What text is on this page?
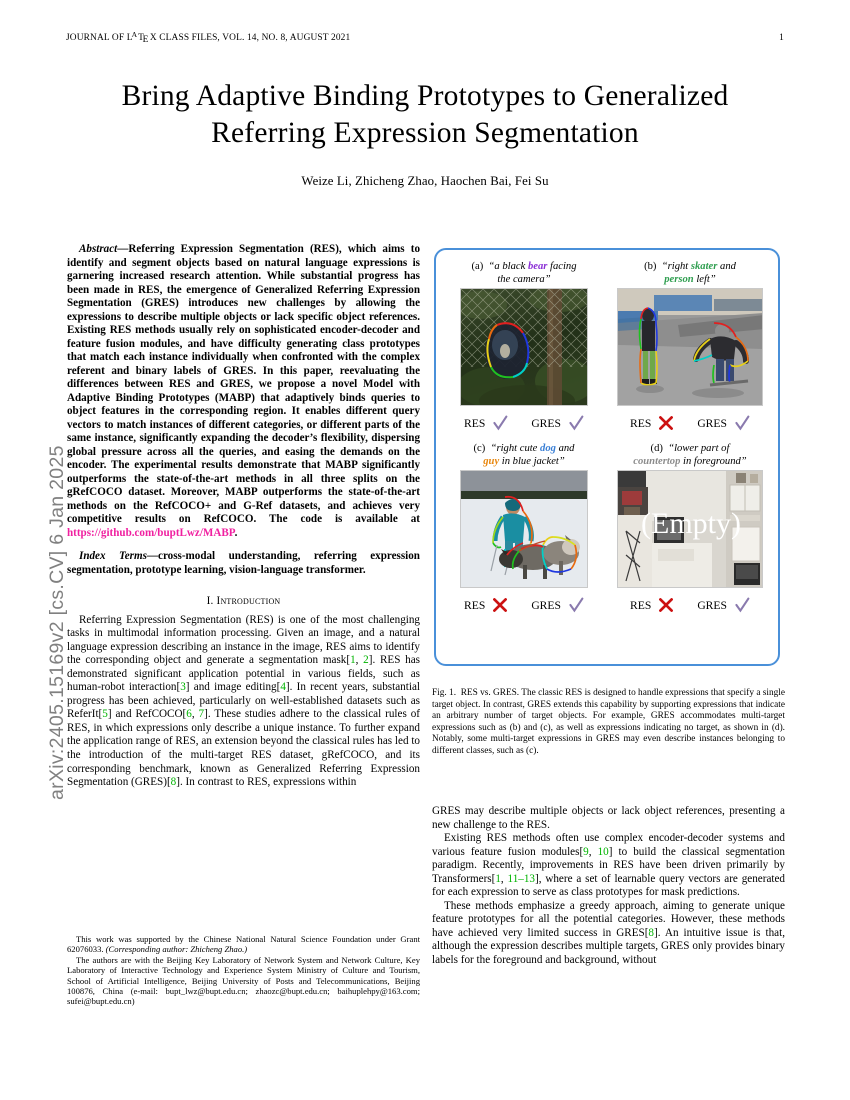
arXiv:2405.15169v2 [cs.CV] 6 Jan 2025
JOURNAL OF $L^ATEX$ CLASS FILES, VOL. 14, NO. 8, AUGUST 2021	1
Bring Adaptive Binding Prototypes to Generalized Referring Expression Segmentation
Weize Li, Zhicheng Zhao, Haochen Bai, Fei Su

Abstract—Referring Expression Segmentation (RES), which aims to identify and segment objects based on natural language expressions is garnering increased research attention. While substantial progress has been made in RES, the emergence of Generalized Referring Expression Segmentation (GRES) introduces new challenges by allowing the expressions to describe multiple objects or lack specific object references. Existing RES methods usually rely on sophisticated encoder-decoder and feature fusion modules, and have difficulty generating class prototypes that match each instance individually when confronted with the complex referent and binary labels of GRES. In this paper, reevaluating the differences between RES and GRES, we propose a novel Model with Adaptive Binding Prototypes (MABP) that adaptively binds queries to object features in the corresponding region. It enables different query vectors to match instances of different categories, or different parts of the same instance, significantly expanding the decoder’s flexibility, dispersing global pressure across all the queries, and easing the demands on the encoder. The experimental results demonstrate that MABP significantly outperforms the state-of-the-art methods in all three splits on the gRefCOCO dataset. Moreover, MABP outperforms the state-of-the-art methods on the RefCOCO+ and G-Ref datasets, and achieves very competitive results on RefCOCO. The code is available at https://github.com/buptLwz/MABP.

Index Terms—cross-modal understanding, referring expression segmentation, prototype learning, vision-language transformer.

I. Introduction

Referring Expression Segmentation (RES) is one of the most challenging tasks in multimodal information processing. Given an image, and a natural language expression describing an instance in the image, RES aims to identify the corresponding object and generate a segmentation mask[1, 2]. RES has demonstrated significant application potential in various fields, such as human-robot interaction[3] and image editing[4]. In recent years, substantial progress has been achieved, particularly on well-established datasets such as ReferIt[5] and RefCOCO[6, 7]. These studies adhere to the classical rules of RES, in which expressions only describe a unique instance. To further expand the application range of RES, an extension beyond the classical rules has led to the introduction of the multi-target RES dataset, gRefCOCO, and its corresponding benchmark, known as Generalized Referring Expression Segmentation (GRES)[8]. In contrast to RES, expressions within

This work was supported by the Chinese National Natural Science Foundation under Grant 62076033. (Corresponding author: Zhicheng Zhao.)

The authors are with the Beijing Key Laboratory of Network System and Network Culture, Key Laboratory of Interactive Technology and Experience System Ministry of Culture and Tourism, School of Artificial Intelligence, Beijing University of Posts and Telecommunications, Beijing 100876, China (e-mail: bupt_lwz@bupt.edu.cn; zhaozc@bupt.edu.cn; baihuplehpy@163.com; sufei@bupt.edu.cn)

(a) “a black bear facing
the camera”
RES	GRES
(b) “right skater and
person left”
RES	GRES
(c) “right cute dog and
guy in blue jacket”
RES	GRES
(d) “lower part of
countertop in foreground”
(Empty)
RES	GRES
Fig. 1. RES vs. GRES. The classic RES is designed to handle expressions that specify a single target object. In contrast, GRES extends this capability by supporting expressions that indicate an arbitrary number of target objects. For example, GRES accommodates multi-target expressions such as (b) and (c), as well as expressions indicating no target, as shown in (d). Notably, some multi-target expressions in GRES may even describe instances belonging to different classes, such as (c).

GRES may describe multiple objects or lack object references, presenting a new challenge to the RES.

Existing RES methods often use complex encoder-decoder systems and various feature fusion modules[9, 10] to build the classical segmentation paradigm. Recently, improvements in RES have been driven primarily by Transformers[1, 11–13], where a set of learnable query vectors are generated for each expression to serve as class prototypes for mask predictions.

These methods emphasize a greedy approach, aiming to generate unique feature prototypes for all the potential categories. However, these methods have achieved very limited success in GRES[8]. An intuitive issue is that, although the expression describes multiple targets, GRES only provides binary labels for the foreground and background, without
